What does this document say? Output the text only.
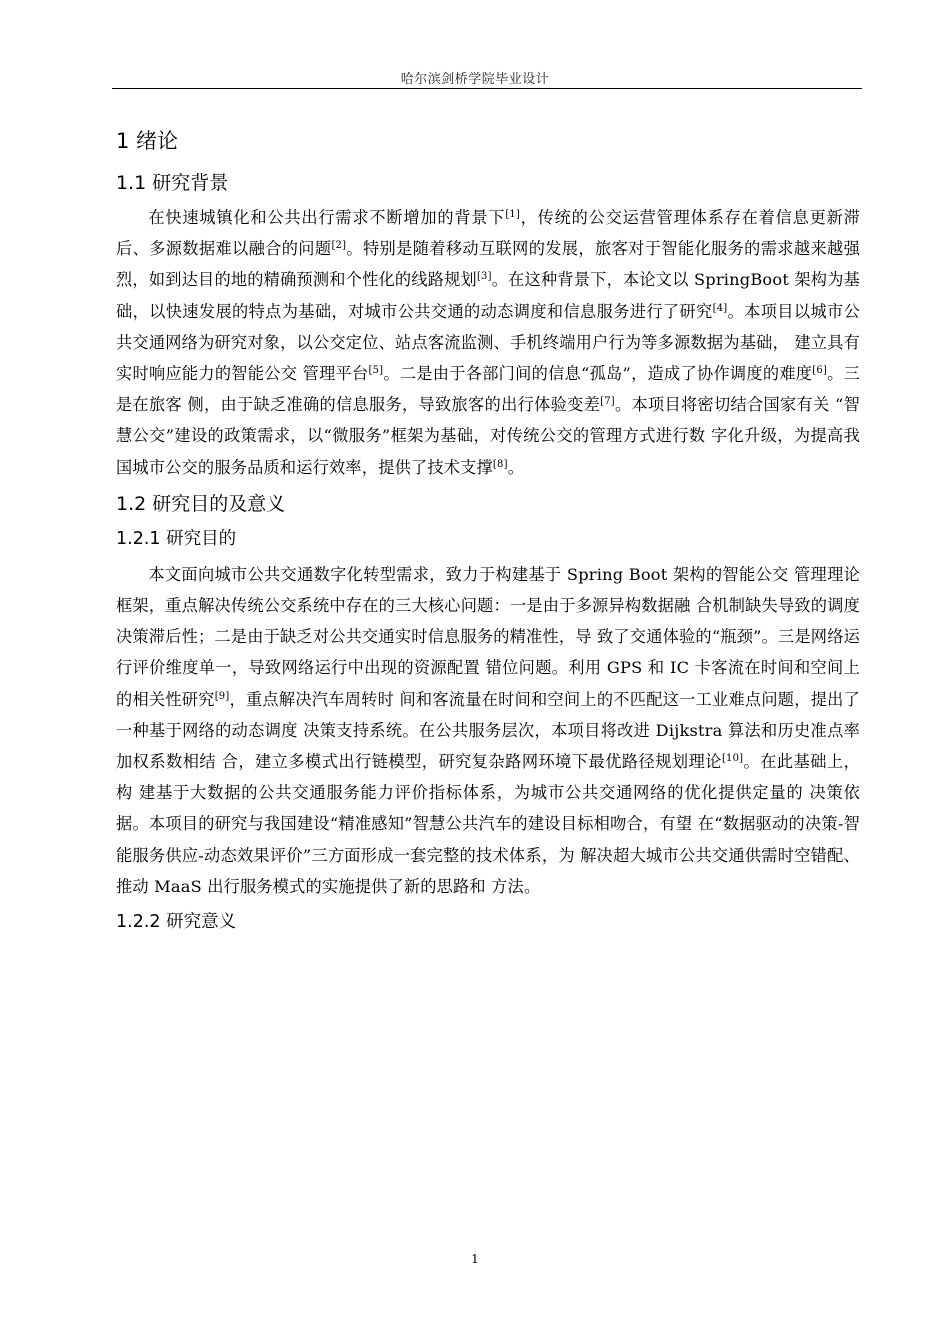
哈尔滨剑桥学院毕业设计
1 绪论
1.1 研究背景

在快速城镇化和公共出行需求不断增加的背景下[1]，传统的公交运营管理体系存在着信息更新滞后、多源数据难以融合的问题[2]。特别是随着移动互联网的发展，旅客对于智能化服务的需求越来越强烈，如到达目的地的精确预测和个性化的线路规划[3]。在这种背景下，本论文以 SpringBoot 架构为基础，以快速发展的特点为基础，对城市公共交通的动态调度和信息服务进行了研究[4]。本项目以城市公共交通网络为研究对象，以公交定位、站点客流监测、手机终端用户行为等多源数据为基础， 建立具有实时响应能力的智能公交 管理平台[5]。二是由于各部门间的信息“孤岛”，造成了协作调度的难度[6]。三是在旅客 侧，由于缺乏准确的信息服务，导致旅客的出行体验变差[7]。本项目将密切结合国家有关 “智慧公交”建设的政策需求，以“微服务”框架为基础，对传统公交的管理方式进行数 字化升级，为提高我国城市公交的服务品质和运行效率，提供了技术支撑[8]。

1.2 研究目的及意义
1.2.1 研究目的

本文面向城市公共交通数字化转型需求，致力于构建基于 Spring Boot 架构的智能公交 管理理论框架，重点解决传统公交系统中存在的三大核心问题：一是由于多源异构数据融 合机制缺失导致的调度决策滞后性；二是由于缺乏对公共交通实时信息服务的精准性，导 致了交通体验的“瓶颈”。三是网络运行评价维度单一，导致网络运行中出现的资源配置 错位问题。利用 GPS 和 IC 卡客流在时间和空间上的相关性研究[9]，重点解决汽车周转时 间和客流量在时间和空间上的不匹配这一工业难点问题，提出了一种基于网络的动态调度 决策支持系统。在公共服务层次，本项目将改进 Dijkstra 算法和历史准点率加权系数相结 合，建立多模式出行链模型，研究复杂路网环境下最优路径规划理论[10]。在此基础上， 构 建基于大数据的公共交通服务能力评价指标体系，为城市公共交通网络的优化提供定量的 决策依据。本项目的研究与我国建设“精准感知”智慧公共汽车的建设目标相吻合，有望 在“数据驱动的决策-智能服务供应-动态效果评价”三方面形成一套完整的技术体系，为 解决超大城市公共交通供需时空错配、推动 MaaS 出行服务模式的实施提供了新的思路和 方法。

1.2.2 研究意义
1
